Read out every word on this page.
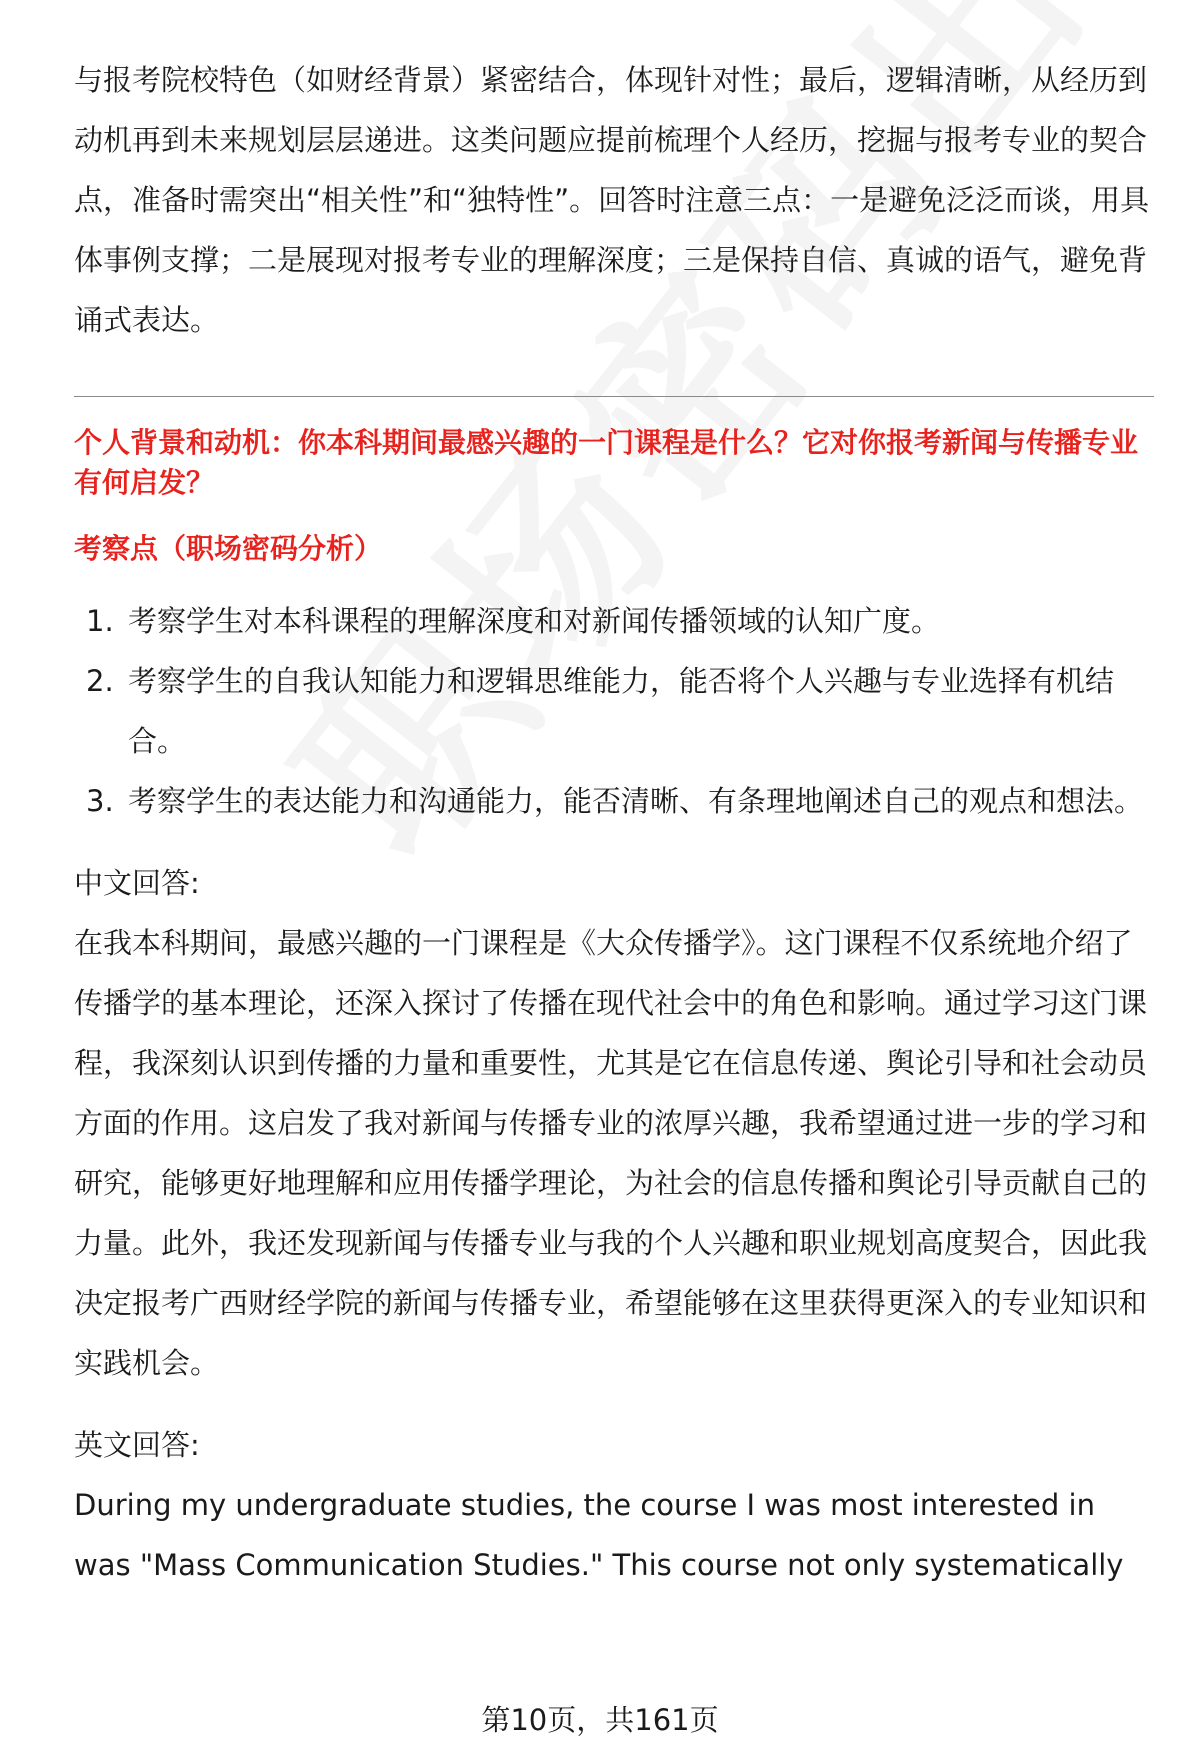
与报考院校特色（如财经背景）紧密结合，体现针对性；最后，逻辑清晰，从经历到动机再到未来规划层层递进。这类问题应提前梳理个人经历，挖掘与报考专业的契合点，准备时需突出“相关性”和“独特性”。回答时注意三点：一是避免泛泛而谈，用具体事例支撑；二是展现对报考专业的理解深度；三是保持自信、真诚的语气，避免背诵式表达。

个人背景和动机：你本科期间最感兴趣的一门课程是什么？它对你报考新闻与传播专业有何启发？

考察点（职场密码分析）

1. 考察学生对本科课程的理解深度和对新闻传播领域的认知广度。
2. 考察学生的自我认知能力和逻辑思维能力，能否将个人兴趣与专业选择有机结合。
3. 考察学生的表达能力和沟通能力，能否清晰、有条理地阐述自己的观点和想法。

中文回答:

在我本科期间，最感兴趣的一门课程是《大众传播学》。这门课程不仅系统地介绍了传播学的基本理论，还深入探讨了传播在现代社会中的角色和影响。通过学习这门课程，我深刻认识到传播的力量和重要性，尤其是它在信息传递、舆论引导和社会动员方面的作用。这启发了我对新闻与传播专业的浓厚兴趣，我希望通过进一步的学习和研究，能够更好地理解和应用传播学理论，为社会的信息传播和舆论引导贡献自己的力量。此外，我还发现新闻与传播专业与我的个人兴趣和职业规划高度契合，因此我决定报考广西财经学院的新闻与传播专业，希望能够在这里获得更深入的专业知识和实践机会。

英文回答:

During my undergraduate studies, the course I was most interested in was "Mass Communication Studies." This course not only systematically

第10页，共161页
